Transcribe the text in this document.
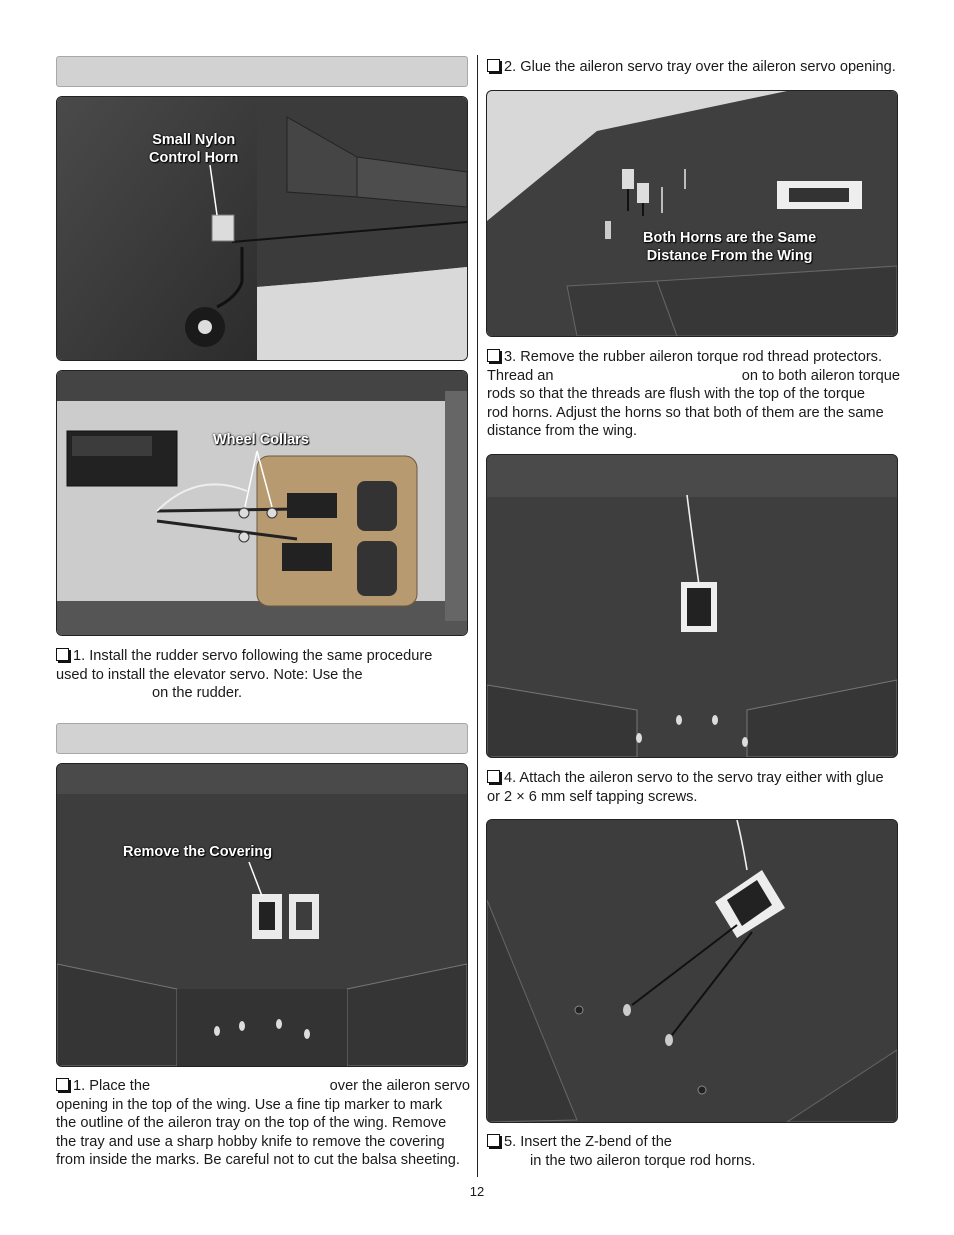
Small Nylon
Control Horn
Wheel Collars
1. Install the rudder servo following the same procedure
used to install the elevator servo. Note: Use the
on the rudder.
Remove the Covering
1. Place the	over the aileron servo
opening in the top of the wing. Use a fine tip marker to mark
the outline of the aileron tray on the top of the wing. Remove
the tray and use a sharp hobby knife to remove the covering
from inside the marks. Be careful not to cut the balsa sheeting.
2. Glue the aileron servo tray over the aileron servo opening.
Both Horns are the Same
Distance From the Wing
3. Remove the rubber aileron torque rod thread protectors.
Thread an	on to both aileron torque
rods so that the threads are flush with the top of the torque
rod horns. Adjust the horns so that both of them are the same
distance from the wing.
4. Attach the aileron servo to the servo tray either with glue
or 2 × 6 mm self tapping screws.
5. Insert the Z-bend of the
in the two aileron torque rod horns.
12
